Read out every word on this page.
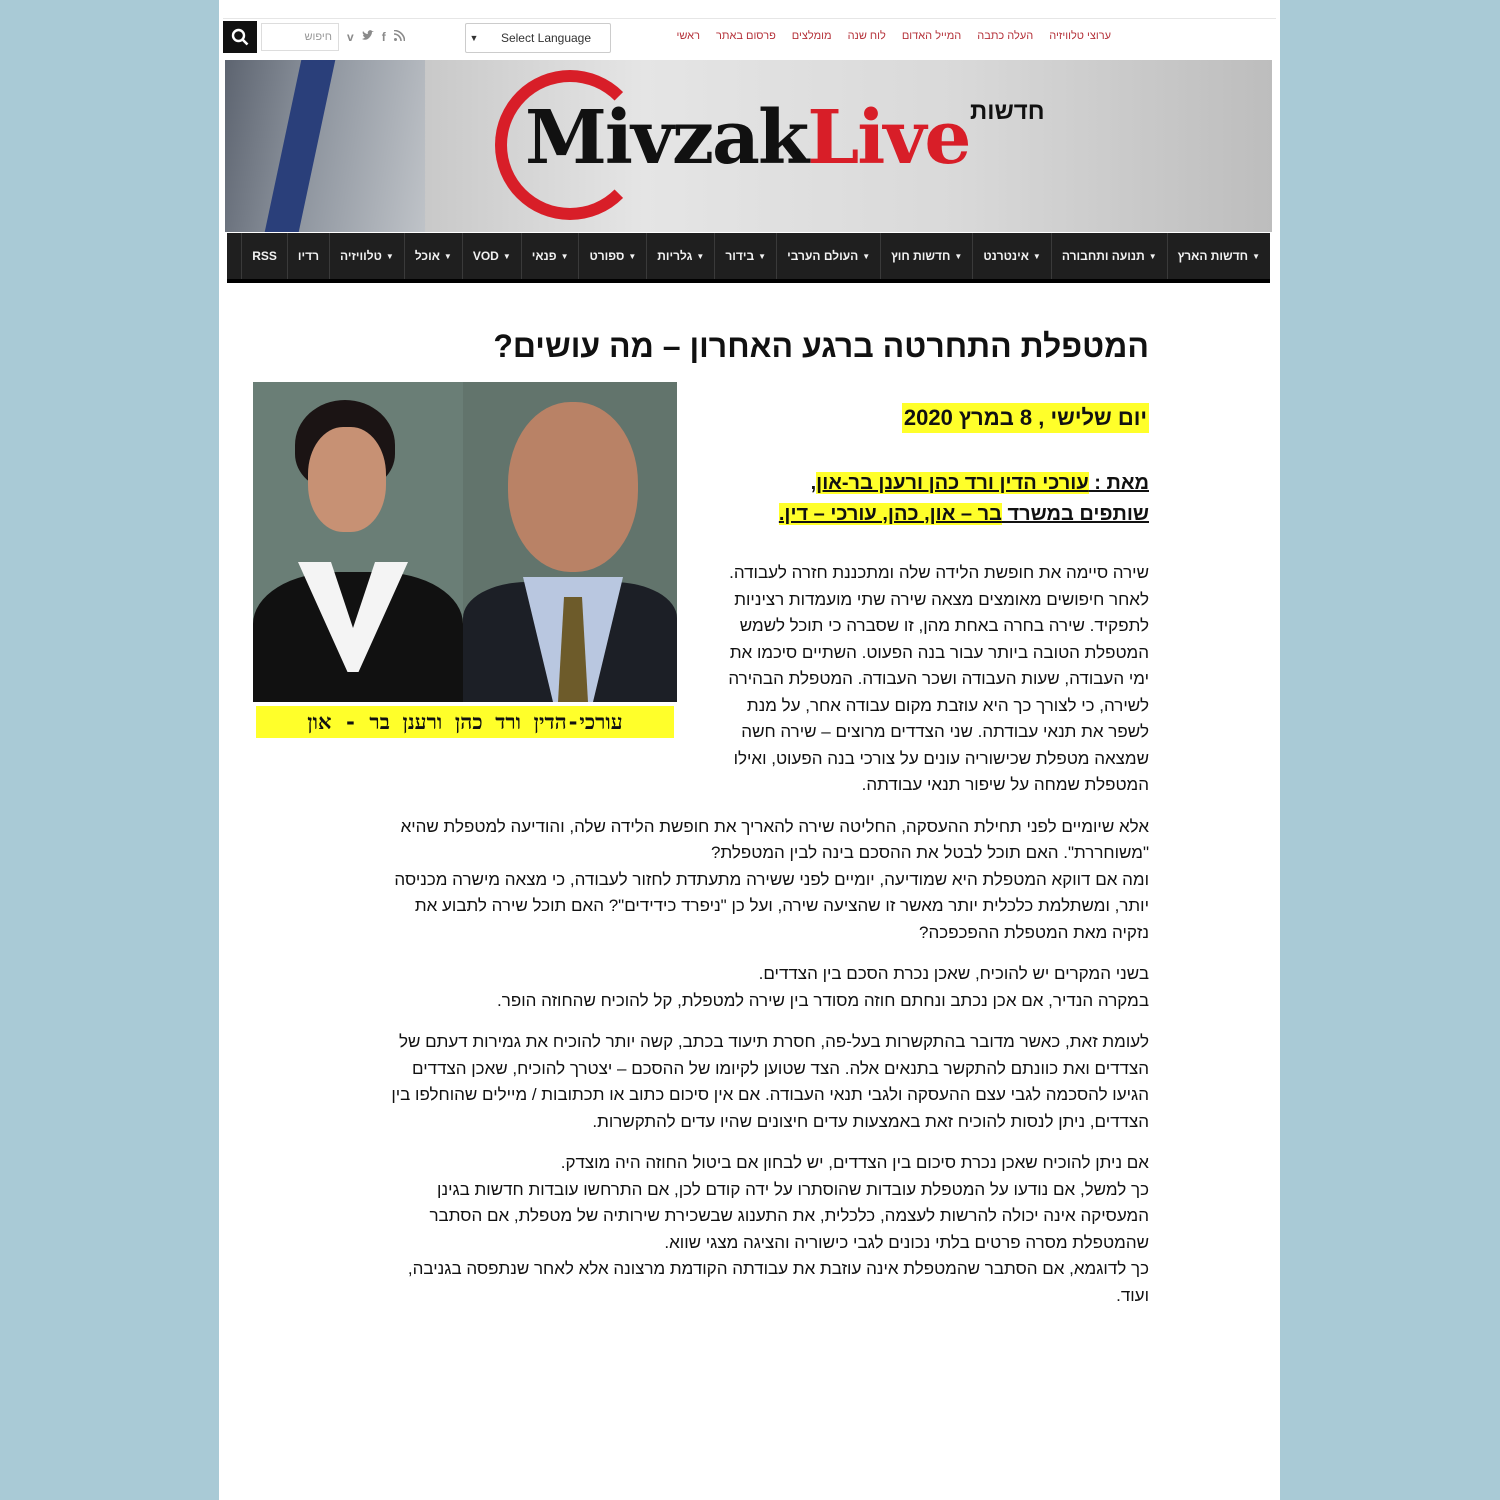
חיפוש	v f	▼	Select Language	ראשי פרסום באתר מומלצים לוח שנה המייל האדום העלה כתבה ערוצי טלוויזיה
MivzakLive חדשות
חדשות הארץ ▼
תנועה ותחבורה ▼
אינטרנט ▼
חדשות חוץ ▼
העולם הערבי ▼
בידור ▼
גלריות ▼
ספורט ▼
פנאי ▼
VOD ▼
אוכל ▼
טלוויזיה ▼
רדיו
RSS
המטפלת התחרטה ברגע האחרון – מה עושים?
עורכי-הדין ורד כהן ורענן בר - און
יום שלישי , 8 במרץ 2020
מאת : עורכי הדין ורד כהן ורענן בר-און,
שותפים במשרד בר – און, כהן, עורכי – דין.

שירה סיימה את חופשת הלידה שלה ומתכננת חזרה לעבודה. לאחר חיפושים מאומצים מצאה שירה שתי מועמדות רציניות לתפקיד. שירה בחרה באחת מהן, זו שסברה כי תוכל לשמש המטפלת הטובה ביותר עבור בנה הפעוט. השתיים סיכמו את ימי העבודה, שעות העבודה ושכר העבודה. המטפלת הבהירה לשירה, כי לצורך כך היא עוזבת מקום עבודה אחר, על מנת לשפר את תנאי עבודתה. שני הצדדים מרוצים – שירה חשה שמצאה מטפלת שכישוריה עונים על צורכי בנה הפעוט, ואילו המטפלת שמחה על שיפור תנאי עבודתה.

אלא שיומיים לפני תחילת ההעסקה, החליטה שירה להאריך את חופשת הלידה שלה, והודיעה למטפלת שהיא "משוחררת". האם תוכל לבטל את ההסכם בינה לבין המטפלת?

ומה אם דווקא המטפלת היא שמודיעה, יומיים לפני ששירה מתעתדת לחזור לעבודה, כי מצאה מישרה מכניסה יותר, ומשתלמת כלכלית יותר מאשר זו שהציעה שירה, ועל כן "ניפרד כידידים"? האם תוכל שירה לתבוע את נזקיה מאת המטפלת ההפכפכה?

בשני המקרים יש להוכיח, שאכן נכרת הסכם בין הצדדים.

במקרה הנדיר, אם אכן נכתב ונחתם חוזה מסודר בין שירה למטפלת, קל להוכיח שהחוזה הופר.

לעומת זאת, כאשר מדובר בהתקשרות בעל-פה, חסרת תיעוד בכתב, קשה יותר להוכיח את גמירות דעתם של הצדדים ואת כוונתם להתקשר בתנאים אלה. הצד שטוען לקיומו של ההסכם – יצטרך להוכיח, שאכן הצדדים הגיעו להסכמה לגבי עצם ההעסקה ולגבי תנאי העבודה. אם אין סיכום כתוב או תכתובות / מיילים שהוחלפו בין הצדדים, ניתן לנסות להוכיח זאת באמצעות עדים חיצונים שהיו עדים להתקשרות.

אם ניתן להוכיח שאכן נכרת סיכום בין הצדדים, יש לבחון אם ביטול החוזה היה מוצדק.

כך למשל, אם נודעו על המטפלת עובדות שהוסתרו על ידה קודם לכן, אם התרחשו עובדות חדשות בגינן המעסיקה אינה יכולה להרשות לעצמה, כלכלית, את התענוג שבשכירת שירותיה של מטפלת, אם הסתבר שהמטפלת מסרה פרטים בלתי נכונים לגבי כישוריה והציגה מצגי שווא.

כך לדוגמא, אם הסתבר שהמטפלת אינה עוזבת את עבודתה הקודמת מרצונה אלא לאחר שנתפסה בגניבה, ועוד.
